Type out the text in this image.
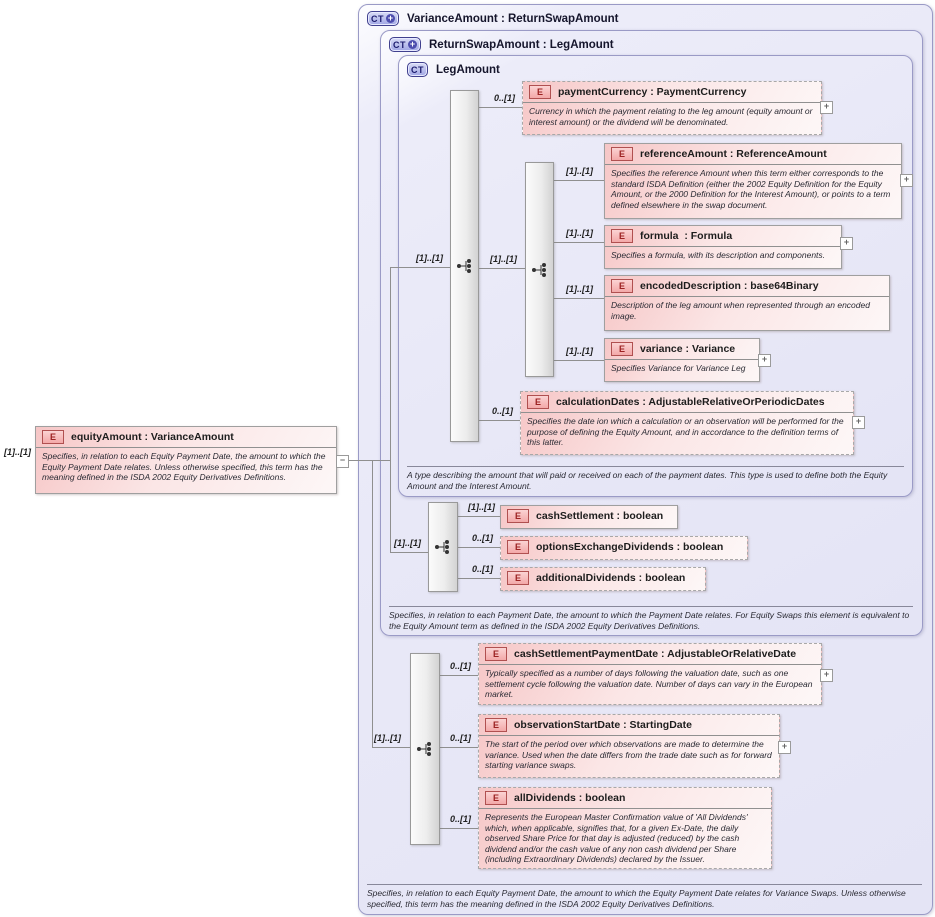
CT + VarianceAmount : ReturnSwapAmount
Specifies, in relation to each Equity Payment Date, the amount to which the Equity Payment Date relates for Variance Swaps. Unless otherwise specified, this term has the meaning defined in the ISDA 2002 Equity Derivatives Definitions.
CT + ReturnSwapAmount : LegAmount
Specifies, in relation to each Payment Date, the amount to which the Payment Date relates. For Equity Swaps this element is equivalent to the Equity Amount term as defined in the ISDA 2002 Equity Derivatives Definitions.
CT LegAmount
A type describing the amount that will paid or received on each of the payment dates. This type is used to define both the Equity Amount and the Interest Amount.
[1]..[1]
[1]..[1]
[1]..[1]
[1]..[1]
0..[1]
[1]..[1]
0..[1]
[1]..[1]
[1]..[1]
[1]..[1]
[1]..[1]
[1]..[1]
0..[1]
0..[1]
0..[1]
0..[1]
0..[1]
E	equityAmount : VarianceAmount
Specifies, in relation to each Equity Payment Date, the amount to which the Equity Payment Date relates. Unless otherwise specified, this term has the meaning defined in the ISDA 2002 Equity Derivatives Definitions.
E	paymentCurrency : PaymentCurrency
Currency in which the payment relating to the leg amount (equity amount or interest amount) or the dividend will be denominated.
E	referenceAmount : ReferenceAmount
Specifies the reference Amount when this term either corresponds to the standard ISDA Definition (either the 2002 Equity Definition for the Equity Amount, or the 2000 Definition for the Interest Amount), or points to a term defined elsewhere in the swap document.
E	formula  : Formula
Specifies a formula, with its description and components.
E	encodedDescription : base64Binary
Description of the leg amount when represented through an encoded image.
E	variance : Variance
Specifies Variance for Variance Leg
E	calculationDates : AdjustableRelativeOrPeriodicDates
Specifies the date ion which a calculation or an observation will be performed for the purpose of defining the Equity Amount, and in accordance to the definition terms of this latter.
E	cashSettlement : boolean
E	optionsExchangeDividends : boolean
E	additionalDividends : boolean
E	cashSettlementPaymentDate : AdjustableOrRelativeDate
Typically specified as a number of days following the valuation date, such as one settlement cycle following the valuation date. Number of days can vary in the European market.
E	observationStartDate : StartingDate
The start of the period over which observations are made to determine the variance. Used when the date differs from the trade date such as for forward starting variance swaps.
E	allDividends : boolean
Represents the European Master Confirmation value of 'All Dividends' which, when applicable, signifies that, for a given Ex-Date, the daily observed Share Price for that day is adjusted (reduced) by the cash dividend and/or the cash value of any non cash dividend per Share (including Extraordinary Dividends) declared by the Issuer.
−
+
+
+
+
+
+
+
